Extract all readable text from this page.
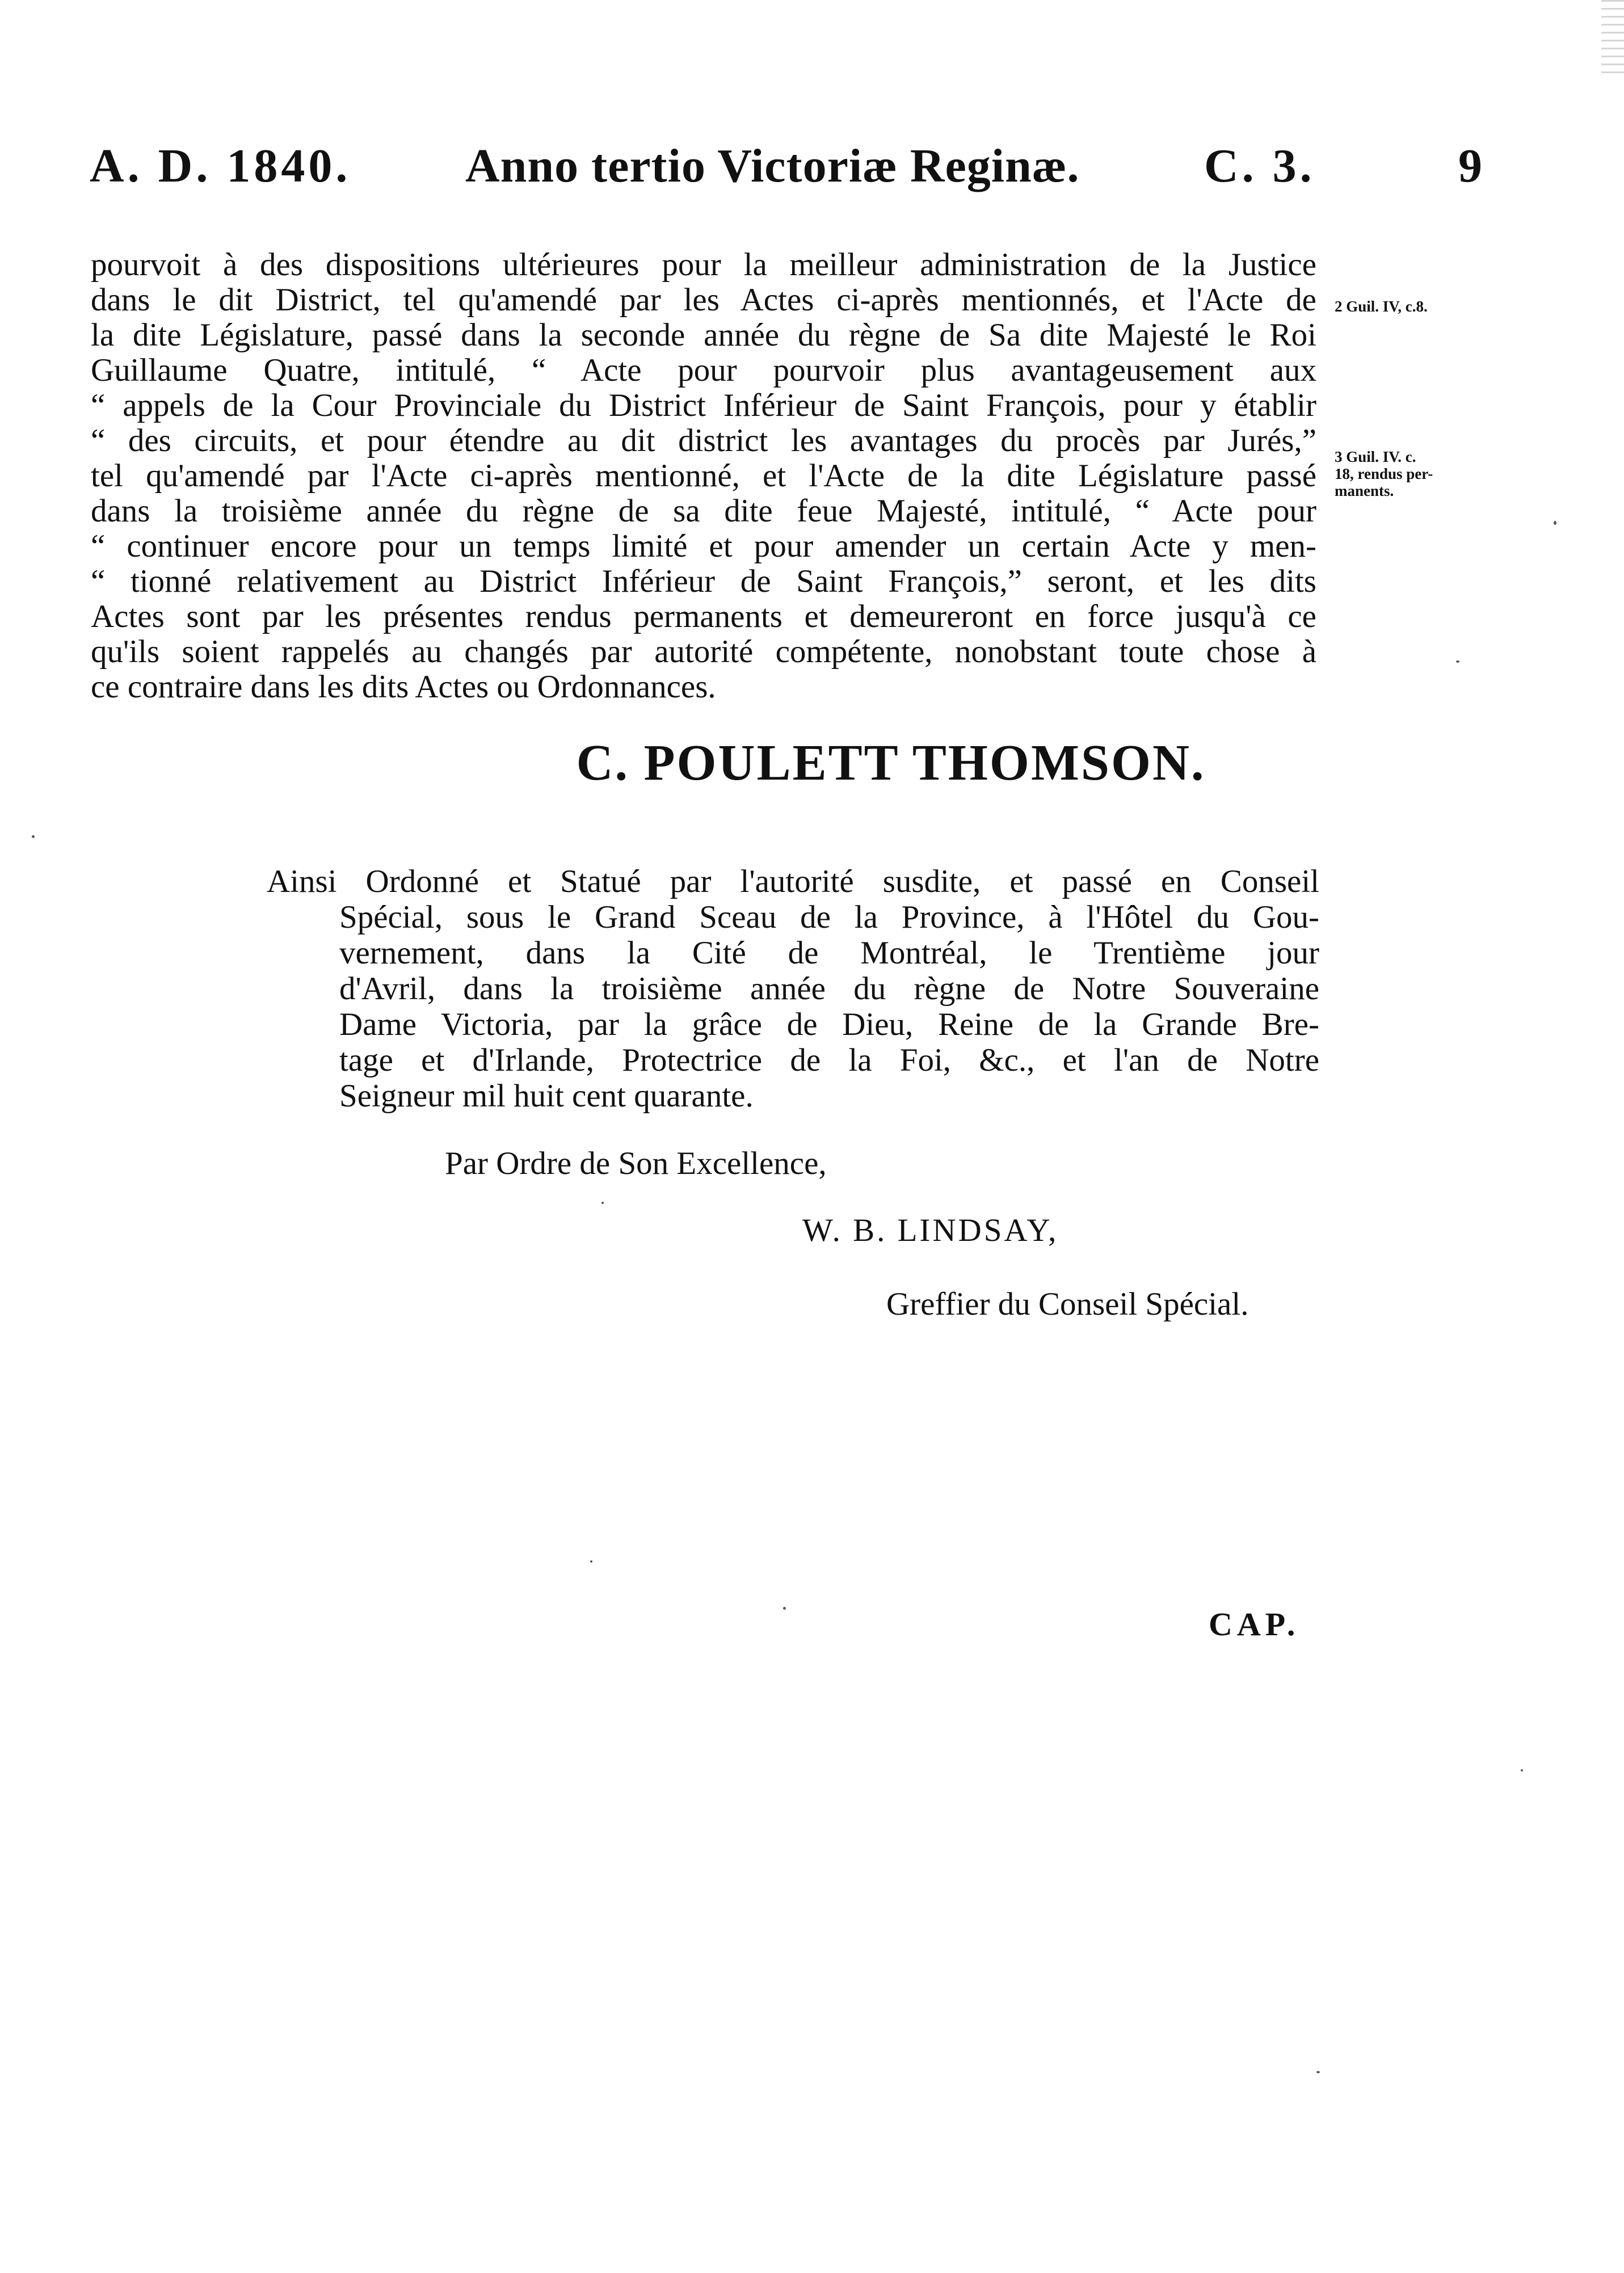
A. D. 1840. Anno tertio Victoriæ Reginæ.	C. 3.	9
pourvoit à des dispositions ultérieures pour la meilleur administration de la Justice
dans le dit District, tel qu'amendé par les Actes ci-après mentionnés, et l'Acte de
la dite Législature, passé dans la seconde année du règne de Sa dite Majesté le Roi
Guillaume Quatre, intitulé, “ Acte pour pourvoir plus avantageusement aux
“ appels de la Cour Provinciale du District Inférieur de Saint François, pour y établir
“ des circuits, et pour étendre au dit district les avantages du procès par Jurés,”
tel qu'amendé par l'Acte ci-après mentionné, et l'Acte de la dite Législature passé
dans la troisième année du règne de sa dite feue Majesté, intitulé, “ Acte pour
“ continuer encore pour un temps limité et pour amender un certain Acte y men-
“ tionné relativement au District Inférieur de Saint François,” seront, et les dits
Actes sont par les présentes rendus permanents et demeureront en force jusqu'à ce
qu'ils soient rappelés au changés par autorité compétente, nonobstant toute chose à
ce contraire dans les dits Actes ou Ordonnances.
2 Guil. IV, c.8.
3 Guil. IV. c.
18, rendus per-
manents.
C. POULETT THOMSON.
Ainsi Ordonné et Statué par l'autorité susdite, et passé en Conseil
Spécial, sous le Grand Sceau de la Province, à l'Hôtel du Gou-
vernement, dans la Cité de Montréal, le Trentième jour
d'Avril, dans la troisième année du règne de Notre Souveraine
Dame Victoria, par la grâce de Dieu, Reine de la Grande Bre-
tage et d'Irlande, Protectrice de la Foi, &c., et l'an de Notre
Seigneur mil huit cent quarante.
Par Ordre de Son Excellence,
W. B. LINDSAY,
Greffier du Conseil Spécial.
CAP.
